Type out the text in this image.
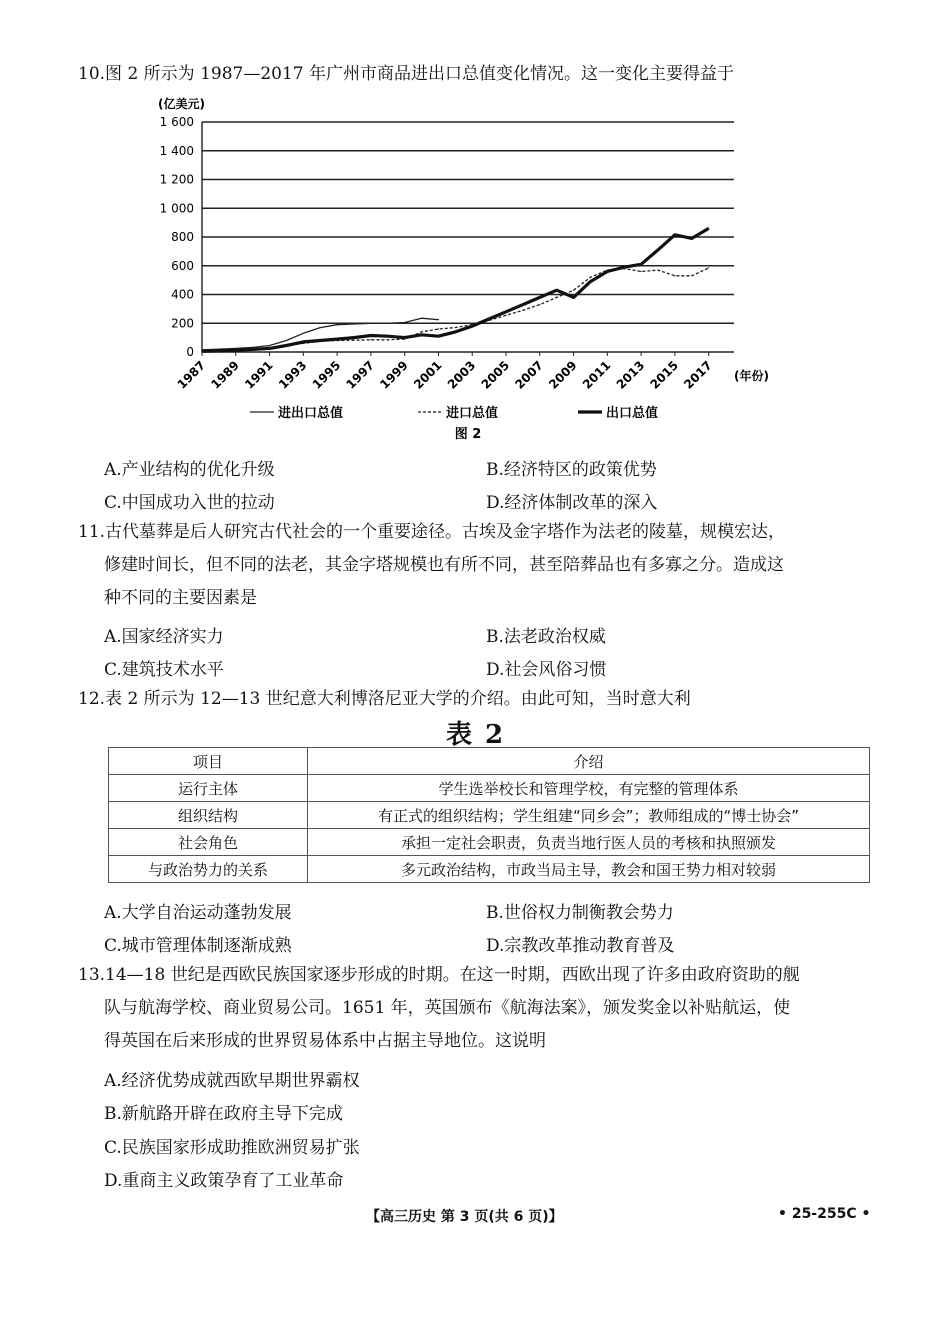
10.图 2 所示为 1987—2017 年广州市商品进出口总值变化情况。这一变化主要得益于
(亿美元)
(年份)
0
200
400
600
800
1 000
1 200
1 400
1 600
1987 1989 1991 1993 1995 1997 1999 2001 2003 2005 2007 2009 2011 2013 2015 2017
进出口总值	进口总值	出口总值
图 2
A.产业结构的优化升级	B.经济特区的政策优势
C.中国成功入世的拉动	D.经济体制改革的深入
11.古代墓葬是后人研究古代社会的一个重要途径。古埃及金字塔作为法老的陵墓，规模宏达，
修建时间长，但不同的法老，其金字塔规模也有所不同，甚至陪葬品也有多寡之分。造成这
种不同的主要因素是
A.国家经济实力	B.法老政治权威
C.建筑技术水平	D.社会风俗习惯
12.表 2 所示为 12—13 世纪意大利博洛尼亚大学的介绍。由此可知，当时意大利
表 2
项目	介绍
运行主体	学生选举校长和管理学校，有完整的管理体系
组织结构	有正式的组织结构；学生组建“同乡会”；教师组成的“博士协会”
社会角色	承担一定社会职责，负责当地行医人员的考核和执照颁发
与政治势力的关系	多元政治结构，市政当局主导，教会和国王势力相对较弱
A.大学自治运动蓬勃发展	B.世俗权力制衡教会势力
C.城市管理体制逐渐成熟	D.宗教改革推动教育普及
13.14—18 世纪是西欧民族国家逐步形成的时期。在这一时期，西欧出现了许多由政府资助的舰
队与航海学校、商业贸易公司。1651 年，英国颁布《航海法案》，颁发奖金以补贴航运，使
得英国在后来形成的世界贸易体系中占据主导地位。这说明
A.经济优势成就西欧早期世界霸权
B.新航路开辟在政府主导下完成
C.民族国家形成助推欧洲贸易扩张
D.重商主义政策孕育了工业革命
【高三历史 第 3 页(共 6 页)】	• 25-255C •
